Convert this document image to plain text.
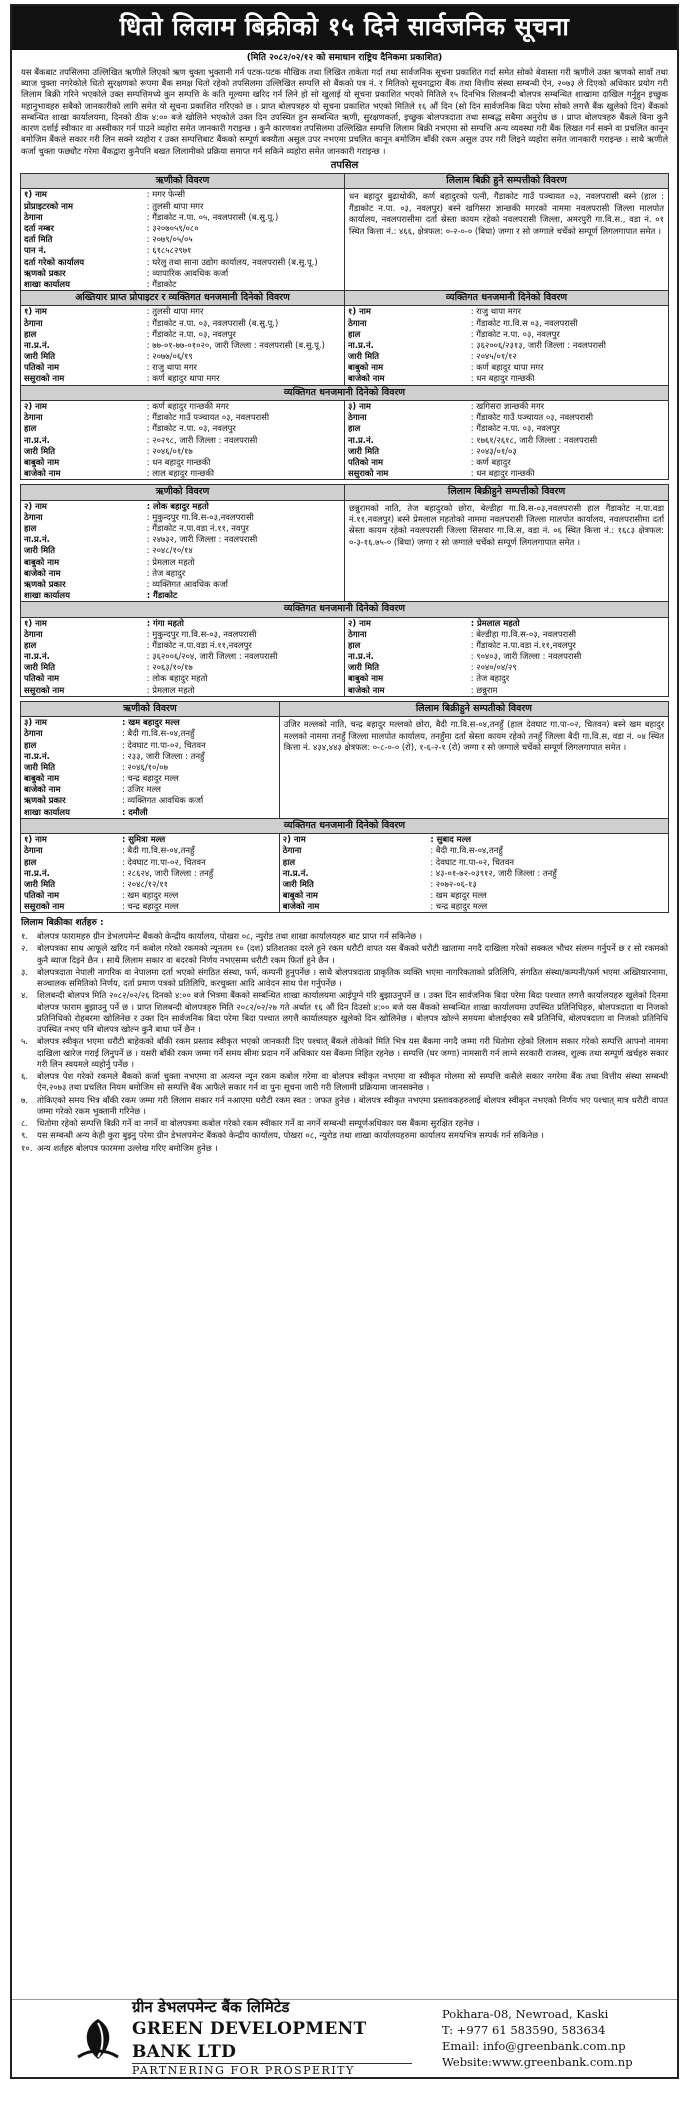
धितो लिलाम बिक्रीको १५ दिने सार्वजनिक सूचना
(मिति २०८२/०२/१२ को समाधान राष्ट्रिय दैनिकमा प्रकाशित)
यस बैंकबाट तपसिलमा उल्लिखित ऋणीले लिएको ऋण चुक्ता भुक्तानी गर्न पटक-पटक मौखिक तथा लिखित ताकेता गर्दा तथा सार्वजनिक सूचना प्रकाशित गर्दा समेत सोको बेवास्ता गरी ऋणीले उक्त ऋणको सावाँ तथा ब्याज चुक्ता नगरेकोले धितो सुरक्षणको रूपमा बैंक समक्ष धितो रहेको तपसिलमा उल्लिखित सम्पत्ति सो बैंकको पत्र नं. र मितिको सूचनाद्वारा बैंक तथा वित्तीय संस्था सम्बन्धी ऐन, २०७३ ले दिएको अधिकार प्रयोग गरी लिलाम बिक्री गरिने भएकोले उक्त सम्पत्तिमध्ये कुन सम्पत्ति के कति मूल्यमा खरिद गर्न लिने हो सो खुलाई यो सूचना प्रकाशित भएको मितिले १५ दिनभित्र शिलबन्दी बोलपत्र सम्बन्धित शाखामा दाखिल गर्नुहुन इच्छुक महानुभावहरु सबैको जानकारीको लागि समेत यो सूचना प्रकाशित गरिएको छ । प्राप्त बोलपत्रहरु यो सूचना प्रकाशित भएको मितिले १६ औं दिन (सो दिन सार्वजनिक बिदा परेमा सोको लगत्तै बैंक खुलेको दिन) बैंकको सम्बन्धित शाखा कार्यालयमा, दिनको ठीक ४:०० बजे खोलिने भएकोले उक्त दिन उपस्थित हुन सम्बन्धित ऋणी, सुरक्षणकर्ता, इच्छुक बोलपत्रदाता तथा सम्बद्ध सबैमा अनुरोध छ । प्राप्त बोलपत्रहरु बैंकले बिना कुनै कारण दर्शाई स्वीकार वा अस्वीकार गर्न पाउने व्यहोरा समेत जानकारी गराइन्छ । कुनै कारणवश तपसिलमा उल्लिखित सम्पत्ति लिलाम बिक्री नभएमा सो सम्पत्ति अन्य व्यवस्था गरी बैंक लिखत गर्न सक्ने वा प्रचलित कानून बमोजिम बैंकले सकार गरी लिन सक्ने व्यहोरा र उक्त सम्पत्तिबाट बैंकको सम्पूर्ण बक्यौता असुल उपर नभएमा प्रचलित कानून बमोजिम बाँकी रकम असुल उपर गरी लिइने व्यहोरा समेत जानकारी गराइन्छ । साथै ऋणीले कर्जा चुक्ता फछ्यौट गरेमा बैंकद्वारा कुनैपनि बखत लिलामीको प्रक्रिया समाप्त गर्न सकिने व्यहोरा समेत जानकारी गराइन्छ ।
तपसिल
ऋणीको विवरण
१) नाम	: मगर फेन्सी
प्रोप्राइटरको नाम	: तुलसी थापा मगर
ठेगाना	: गैंडाकोट न.पा. ०५, नवलपरासी (ब.सु.पू.)
दर्ता नम्बर	: ३२०७०५९/०८०
दर्ता मिति	: २०७९/०५/०५
पान नं.	: ६१८५८२९७१
दर्ता गरेको कार्यालय	: घरेलु तथा साना उद्योग कार्यालय, नवलपरासी (ब.सु.पू.)
ऋणको प्रकार	: व्यापारिक आवधिक कर्जा
शाखा कार्यालय	: गैंडाकोट
लिलाम बिक्री हुने सम्पत्तीको विवरण
धन बहादुर बुढाथोकी, कर्ण बहादुरको पत्नी, गैंडाकोट गाउँ पञ्चायत ०३, नवलपरासी बस्ने (हाल : गैंडाकोट न.पा. ०३, नवलपुर) बस्ने खगिसरा ज्ञान्छकी मगरको नाममा नवलपरासी जिल्ला मालपोत कार्यालय, नवलपरासीमा दर्ता स्रेस्ता कायम रहेको नवलपरासी जिल्ला, अमरपुरी गा.वि.स., वडा नं. ०१ स्थित कित्ता नं.: ४६६, क्षेत्रफल: ०-२-०-० (बिघा) जग्गा र सो जग्गाले चर्चेको सम्पूर्ण लिगलगापात समेत ।
अख्तियार प्राप्त प्रोपाइटर र व्यक्तिगत धनजमानी दिनेको विवरण
१) नाम	: तुलसी थापा मगर
ठेगाना	: गैंडाकोट न.पा. ०३, नवलपरासी (ब.सु.पू.)
हाल	: गैंडाकोट न.पा. ०३, नवलपुर
ना.प्र.नं.	: ७७-०१-७७-०१०२०, जारी जिल्ला : नवलपरासी (ब.सु.पू.)
जारी मिति	: २०७७/०६/१९
पतिको नाम	: राजु थापा मगर
ससुराको नाम	: कर्ण बहादुर थापा मगर
व्यक्तिगत धनजमानी दिनेको विवरण
१) नाम	: राजु थापा मगर
ठेगाना	: गैंडाकोट गा.वि.स ०३, नवलपरासी
हाल	: गैंडाकोट न.पा. ०३, नवलपुर
ना.प्र.नं.	: ३६२००६/२३१३, जारी जिल्ला : नवलपरासी
जारी मिति	: २०४५/०१/१२
बाबुको नाम	: कर्ण बहादुर थापा मगर
बाजेको नाम	: धन बहादुर गान्छकी
व्यक्तिगत धनजमानी दिनेको विवरण
२) नाम	: कर्ण बहादुर गान्छकी मगर
ठेगाना	: गैंडाकोट गाउँ पञ्चायत ०३, नवलपरासी
हाल	: गैंडाकोट न.पा. ०३, नवलपुर
ना.प्र.नं.	: २०२९८, जारी जिल्ला : नवलपरासी
जारी मिति	: २०४६/०१/१७
बाबुको नाम	: धन बहादुर गान्छकी
बाजेको नाम	: लाल बहादुर गान्छकी
३) नाम	: खगिसरा ज्ञान्छकी मगर
ठेगाना	: गैंडाकोट गाउँ पञ्चायत ०३, नवलपरासी
हाल	: गैंडाकोट न.पा. ०३, नवलपुर
ना.प्र.नं.	: १७६१/२६१८, जारी जिल्ला : नवलपरासी
जारी मिति	: २०४३/०१/०३
पतिको नाम	: कर्ण बहादुर
ससुराको नाम	: धन बहादुर गान्छकी
ऋणीको विवरण
२) नाम	: लोक बहादुर महतो
ठेगाना	: मुकुन्दपुर गा.वि.स-०३,नवलपरासी
हाल	: गैंडाकोट न.पा.वडा नं.११, नवपुर
ना.प्र.नं.	: २४७३२, जारी जिल्ला : नवलपरासी
जारी मिति	: २०४८/१०/१४
बाबुको नाम	: प्रेमलाल महतो
बाजेको नाम	: तेज बहादुर
ऋणको प्रकार	: व्यक्तिगत आवधिक कर्जा
शाखा कार्यालय	: गैंडाकोट
लिलाम बिक्रीहुने सम्पत्तीको विवरण
छन्नुरामको नाति, तेज बहादुरको छोरा, बेल्डीहा गा.वि.स-०३,नवलपरासी हाल गैंडाकोट न.पा.वडा नं.११,नवलपुर) बस्ने प्रेमलाल महतोको नाममा नवलपरासी जिल्ला मालपोत कार्यालय, नवलपरासीमा दर्ता स्रेस्ता कायम रहेको नवलपरासी जिल्ला सिसवार गा.वि.स, वडा नं. ०६ स्थित कित्ता नं.: १६८३ क्षेत्रफल: ०-३-१६.७५-० (बिघा) जग्गा र सो जग्गाले चर्चेको सम्पूर्ण लिगलगापात समेत ।
व्यक्तिगत धनजमानी दिनेको विवरण
१) नाम	: गंगा महतो
ठेगाना	: मुकुन्दपुर गा.वि.स-०३, नवलपरासी
हाल	: गैंडाकोट न.पा.वडा नं.११,नवलपुर
ना.प्र.नं.	: ३६२००६/२०४, जारी जिल्ला : नवलपरासी
जारी मिति	: २०६३/१०/१७
पतिको नाम	: लोक बहादुर महतो
ससुराको नाम	: प्रेमलाल महतो
२) नाम	: प्रेमलाल महतो
ठेगाना	: बेल्डीहा गा.वि.स-०३, नवलपरासी
हाल	: गैंडाकोट न.पा.वडा नं.११,नवलपुर
ना.प्र.नं.	: ९०४०३, जारी जिल्ला : नवलपरासी
जारी मिति	: २०४०/०४/२९
बाबुको नाम	: तेज बहादुर
बाजेको नाम	: छन्नुराम
ऋणीको विवरण
३) नाम	: खम बहादुर मल्ल
ठेगाना	: बैदी गा.वि.स-०४,तनहुँ
हाल	: देवघाट गा.पा-०२, चितवन
ना.प्र.नं.	: २३३, जारी जिल्ला : तनहुँ
जारी मिति	: २०४६/१०/०७
बाबुको नाम	: चन्द्र बहादुर मल्ल
बाजेको नाम	: उजिर मल्ल
ऋणको प्रकार	: व्यक्तिगत आवधिक कर्जा
शाखा कार्यालय	: दमौली
लिलाम बिक्रीहुने सम्पतीको विवरण
उजिर मल्लको नाति, चन्द्र बहादुर मल्लको छोरा, बैदी गा.वि.स-०४,तनहुँ (हाल देवघाट गा.पा-०२, चितवन) बस्ने खम बहादुर मल्लको नाममा तनहुँ जिल्ला मालपोत कार्यालय, तनहुँमा दर्ता स्रेस्ता कायम रहेको तनहुँ जिल्ला बैदी गा.वि.स, वडा नं. ०४ स्थित कित्ता नं. ४३४,४४३ क्षेत्रफल: ०-८-०-० (रो), १-६-२-१ (रो) जग्गा र सो जग्गाले चर्चेको सम्पूर्ण लिगलगापात समेत ।
व्यक्तिगत धनजमानी दिनेको विवरण
१) नाम	: सुमित्रा मल्ल
ठेगाना	: बैदी गा.वि.स-०४,तनहुँ
हाल	: देवघाट गा.पा-०२, चितवन
ना.प्र.नं.	: २८६२४, जारी जिल्ला : तनहुँ
जारी मिति	: २०४८/१२/११
पतिको नाम	: खम बहादुर मल्ल
ससुराको नाम	: चन्द्र बहादुर मल्ल
२) नाम	: सुबाद मल्ल
ठेगाना	: बैदी गा.वि.स-०४,तनहुँ
हाल	: देवघाट गा.पा-०२, चितवन
ना.प्र.नं.	: ४३-०१-७२-०३९१२, जारी जिल्ला : तनहुँ
जारी मिति	: २०७२-०६-१३
बाबुको नाम	: खम बहादुर मल्ल
बाजेको नाम	: चन्द्र बहादुर मल्ल
लिलाम बिक्रीका शर्तहरु :
१.	बोलपत्र फारामहरु ग्रीन डेभलपमेन्ट बैंकको केन्द्रीय कार्यालय, पोखरा ०८, न्युरोड तथा शाखा कार्यालयहरु बाट प्राप्त गर्न सकिनेछ ।
२.	बोलपत्रका साथ आफूले खरिद गर्न कबोल गरेको रकमको न्यूनतम १० (दश) प्रतिशतका दरले हुने रकम धरौटी वापत यस बैंकको धरौटी खातामा नगदै दाखिला गरेको सक्कल भौचर संलग्न गर्नुपर्ने छ र सो रकमको कुनै ब्याज दिइने छैन । साथै लिलाम सकार वा बदरको निर्णय नभएसम्म धरौटी रकम फिर्ता हुने छैन ।
३.	बोलपत्रदाता नेपाली नागरिक वा नेपालमा दर्ता भएको संगठित संस्था, फर्म, कम्पनी हुनुपर्नेछ । साथै बोलपत्रदाता प्राकृतिक व्यक्ति भएमा नागरिकताको प्रतिलिपि, संगठित संस्था/कम्पनी/फर्म भएमा अख्तियारनामा, सञ्चालक समितिको निर्णय, दर्ता प्रमाण पत्रको प्रतिलिपि, करचुक्ता आदि आवेदन साथ पेश गर्नुपर्नेछ ।
४.	शिलबन्दी बोलपत्र मिति २०८२/०२/२६ दिनको ४:०० बजे भित्रमा बैंकको सम्बन्धित शाखा कार्यालयमा आईपुग्ने गरि बुझाउनुपर्ने छ । उक्त दिन सार्वजनिक बिदा परेमा बिदा पश्चात लगत्तै कार्यालयहरु खुलेको दिनमा बोलपत्र फाराम बुझाउनु पर्ने छ । प्राप्त शिलबन्दी बोलपत्रहरु मिति २०८२/०२/२७ गते अर्थात १६ औं दिन दिउसो ४:०० बजे यस बैंकको सम्बन्धित शाखा कार्यालयमा उपस्थित प्रतिनिधिहरु, बोलपत्रदाता वा निजको प्रतिनिधिको रोहबरमा खोलिनेछ र उक्त दिन सार्वजनिक बिदा परेमा बिदा पश्चात लगत्तै कार्यालयहरु खुलेको दिन खोलिनेछ । बोलपत्र खोल्ने समयमा बोलाईएका सबै प्रतिनिधि, बोलपत्रदाता वा निजको प्रतिनिधि उपस्थित नभए पनि बोलपत्र खोल्न कुनै बाधा पर्ने छैन ।
५.	बोलपत्र स्वीकृत भएमा धरौटी बाहेकको बाँकी रकम प्रस्ताव स्वीकृत भएको जानकारी दिए पश्चात् बैंकले तोकेको मिति भित्र यस बैंकमा नगदै जम्मा गरी धितोमा रहेको लिलाम सकार गरेको सम्पत्ति आफ्नो नाममा दाखिला खारेज गराई लिनुपर्ने छ । यसरी बाँकी रकम जम्मा गर्ने समय सीमा प्रदान गर्ने अधिकार यस बैंकमा निहित रहनेछ । सम्पत्ति (घर जग्गा) नामसारी गर्न लाग्ने सरकारी राजस्व, शुल्क तथा सम्पूर्ण खर्चहरु सकार गरी लिन स्वयमले व्यहोर्नु पर्नेछ ।
६.	बोलपत्र पेश गरेको रकमले बैंकको कर्जा चुक्ता नभएमा वा अत्यन्त न्यून रकम कबोल गरेमा वा बोलपत्र स्वीकृत नभएमा वा स्वीकृत मोलमा सो सम्पत्ति कसैले सकार नगरेमा बैंक तथा वित्तीय संस्था सम्बन्धी ऐन,२०७३ तथा प्रचलित नियम बमोजिम सो सम्पत्ति बैंक आफैले सकार गर्न वा पुनः सूचना जारी गरी लिलामी प्रक्रियामा जानसक्नेछ ।
७.	तोकिएको समय भित्र बाँकी रकम जम्मा गरी लिलाम सकार गर्न नआएमा धरौटी रकम स्वत : जफत हुनेछ । बोलपत्र स्वीकृत नभएमा प्रस्तावकहरुलाई बोलपत्र स्वीकृत नभएको निर्णय भए पश्चात् मात्र धरौटी वापत जम्मा गरेको रकम भुक्तानी गरिनेछ ।
८.	धितोमा रहेको सम्पत्ति बिक्री गर्ने वा नगर्ने वा बोलपत्रमा कबोल गरेको रकम स्वीकार गर्ने वा नगर्ने सम्बन्धी सम्पूर्णअधिकार यस बैंकमा सुरक्षित रहनेछ ।
९.	यस सम्बन्धी अन्य केही कुरा बुझ्नु परेमा ग्रीन डेभलपमेन्ट बैंकको केन्द्रीय कार्यालय, पोखरा ०८, न्युरोड तथा शाखा कार्यालयहरुमा कार्यालय समयभित्र सम्पर्क गर्न सकिनेछ ।
१०. अन्य शर्तहरु बोलपत्र फारममा उल्लेख गरिए बमोजिम हुनेछ ।
ग्रीन डेभलपमेन्ट बैंक लिमिटेड
GREEN DEVELOPMENT BANK LTD
PARTNERING FOR PROSPERITY
Pokhara-08, Newroad, Kaski
T: +977 61 583590, 583634
Email: info@greenbank.com.np
Website:www.greenbank.com.np
